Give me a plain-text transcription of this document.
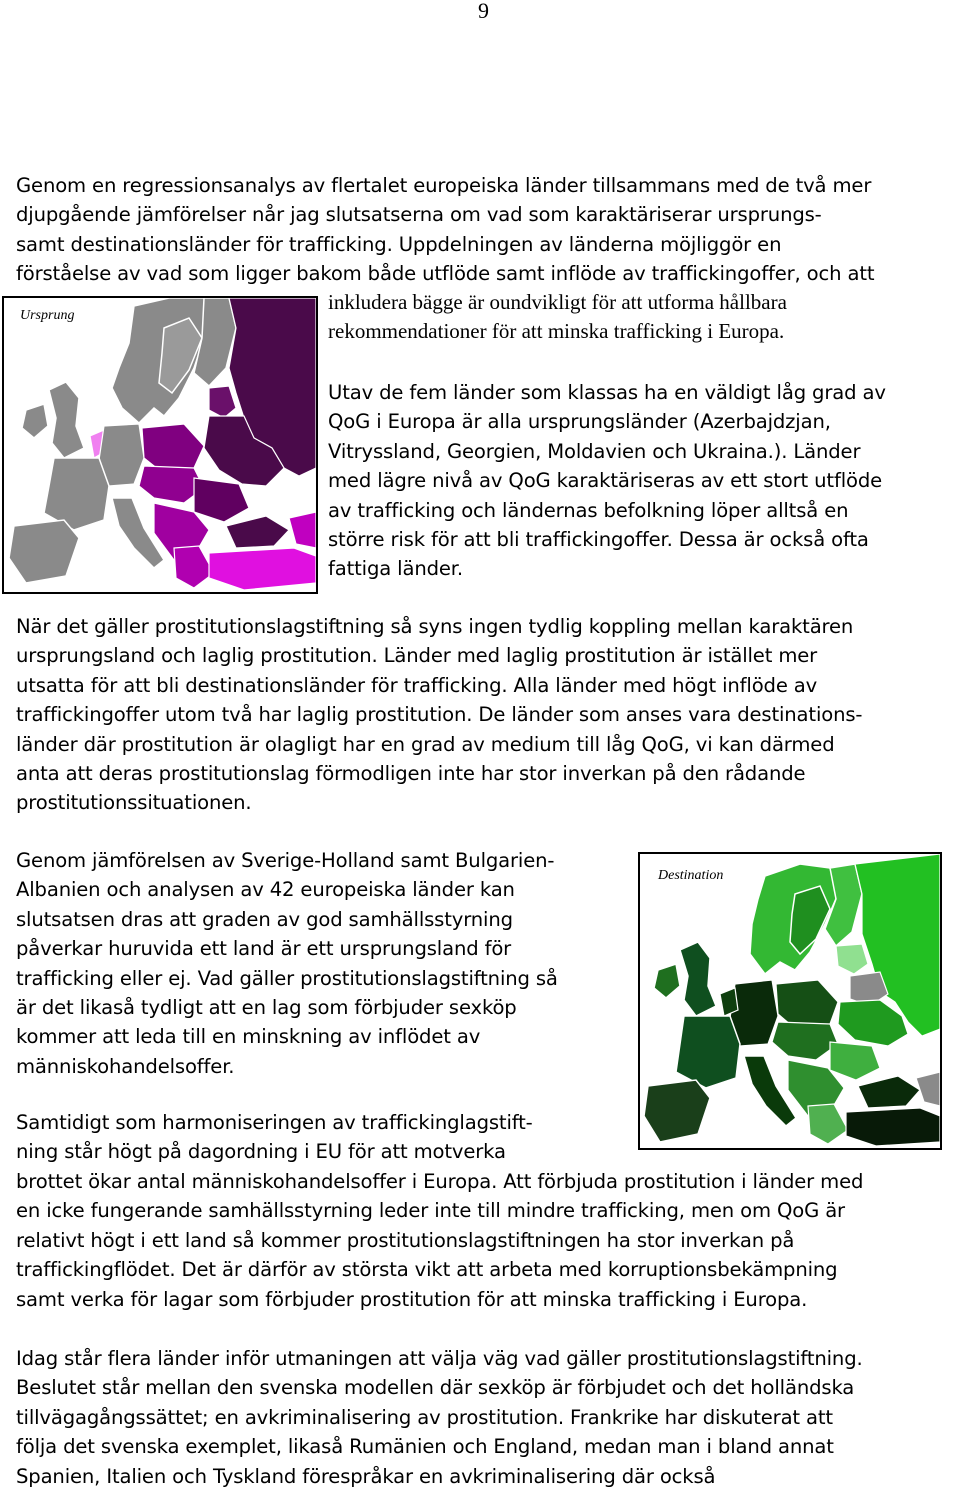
9
Genom en regressionsanalys av flertalet europeiska länder tillsammans med de två mer
djupgående jämförelser når jag slutsatserna om vad som karaktäriserar ursprungs-
samt destinationsländer för trafficking. Uppdelningen av länderna möjliggör en
förståelse av vad som ligger bakom både utflöde samt inflöde av traffickingoffer, och att
inkludera bägge är oundvikligt för att utforma hållbara
rekommendationer för att minska trafficking i Europa.
Ursprung
Utav de fem länder som klassas ha en väldigt låg grad av
QoG i Europa är alla ursprungsländer (Azerbajdzjan,
Vitryssland, Georgien, Moldavien och Ukraina.). Länder
med lägre nivå av QoG karaktäriseras av ett stort utflöde
av trafficking och ländernas befolkning löper alltså en
större risk för att bli traffickingoffer. Dessa är också ofta
fattiga länder.
När det gäller prostitutionslagstiftning så syns ingen tydlig koppling mellan karaktären
ursprungsland och laglig prostitution. Länder med laglig prostitution är istället mer
utsatta för att bli destinationsländer för trafficking. Alla länder med högt inflöde av
traffickingoffer utom två har laglig prostitution. De länder som anses vara destinations-
länder där prostitution är olagligt har en grad av medium till låg QoG, vi kan därmed
anta att deras prostitutionslag förmodligen inte har stor inverkan på den rådande
prostitutionssituationen.
Genom jämförelsen av Sverige-Holland samt Bulgarien-
Albanien och analysen av 42 europeiska länder kan
slutsatsen dras att graden av god samhällsstyrning
påverkar huruvida ett land är ett ursprungsland för
trafficking eller ej. Vad gäller prostitutionslagstiftning så
är det likaså tydligt att en lag som förbjuder sexköp
kommer att leda till en minskning av inflödet av
människohandelsoffer.
Destination
Samtidigt som harmoniseringen av traffickinglagstift-
ning står högt på dagordning i EU för att motverka
brottet ökar antal människohandelsoffer i Europa. Att förbjuda prostitution i länder med
en icke fungerande samhällsstyrning leder inte till mindre trafficking, men om QoG är
relativt högt i ett land så kommer prostitutionslagstiftningen ha stor inverkan på
traffickingflödet. Det är därför av största vikt att arbeta med korruptionsbekämpning
samt verka för lagar som förbjuder prostitution för att minska trafficking i Europa.
Idag står flera länder inför utmaningen att välja väg vad gäller prostitutionslagstiftning.
Beslutet står mellan den svenska modellen där sexköp är förbjudet och det holländska
tillvägagångssättet; en avkriminalisering av prostitution. Frankrike har diskuterat att
följa det svenska exemplet, likaså Rumänien och England, medan man i bland annat
Spanien, Italien och Tyskland förespråkar en avkriminalisering där också
